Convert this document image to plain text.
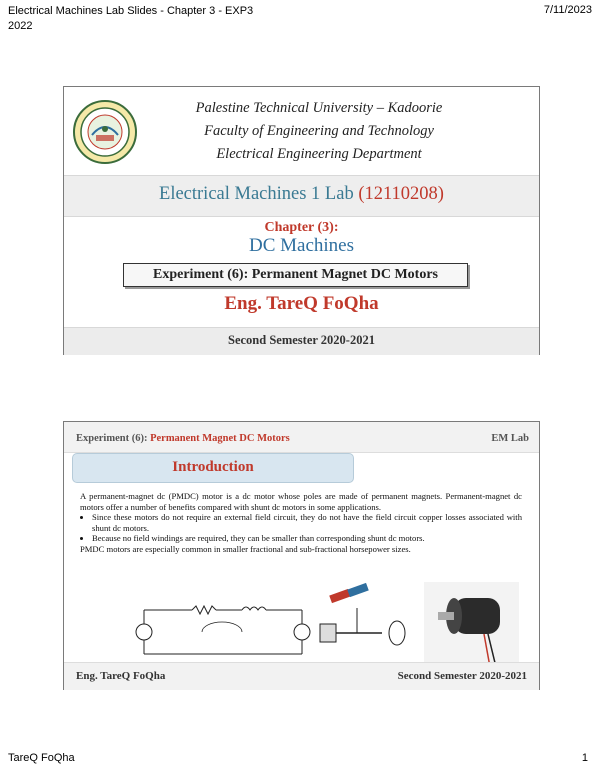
Electrical Machines Lab Slides - Chapter 3 - EXP3 2022
7/11/2023
Palestine Technical University – Kadoorie
Faculty of Engineering and Technology
Electrical Engineering Department
Electrical Machines 1 Lab (12110208)
Chapter (3):
DC Machines
Experiment (6): Permanent Magnet DC Motors
Eng. TareQ FoQha
Second Semester 2020-2021
Experiment (6): Permanent Magnet DC Motors	EM Lab
Introduction

A permanent-magnet dc (PMDC) motor is a dc motor whose poles are made of permanent magnets. Permanent-magnet dc motors offer a number of benefits compared with shunt dc motors in some applications.

• Since these motors do not require an external field circuit, they do not have the field circuit copper losses associated with shunt dc motors.
• Because no field windings are required, they can be smaller than corresponding shunt dc motors.

PMDC motors are especially common in smaller fractional and sub-fractional horsepower sizes.

Eng. TareQ FoQha	Second Semester 2020-2021
TareQ FoQha	1
